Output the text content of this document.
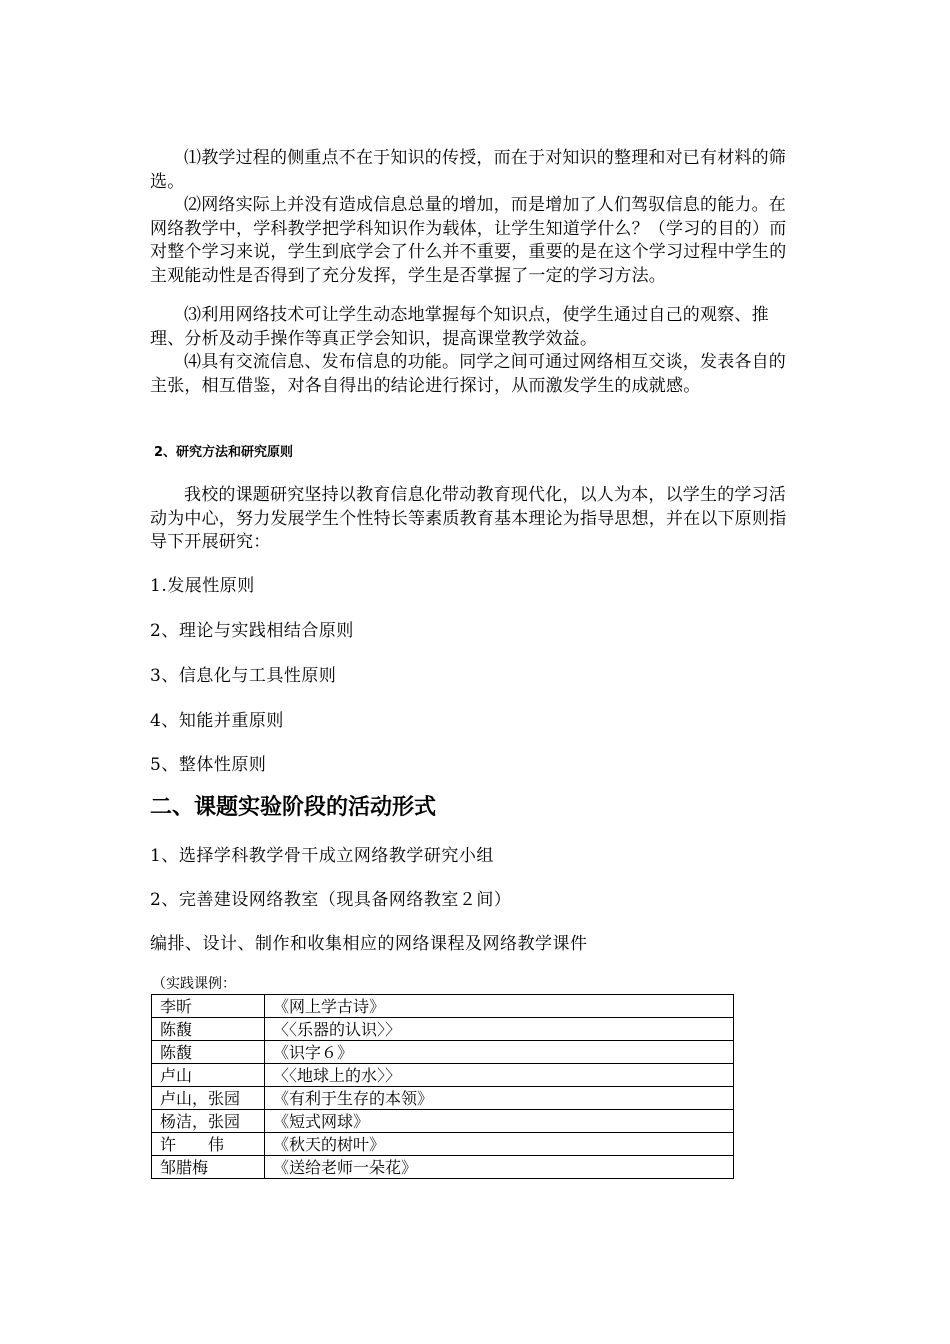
⑴教学过程的侧重点不在于知识的传授，而在于对知识的整理和对已有材料的筛选。

⑵网络实际上并没有造成信息总量的增加，而是增加了人们驾驭信息的能力。在网络教学中，学科教学把学科知识作为载体，让学生知道学什么？（学习的目的）而对整个学习来说，学生到底学会了什么并不重要，重要的是在这个学习过程中学生的主观能动性是否得到了充分发挥，学生是否掌握了一定的学习方法。

⑶利用网络技术可让学生动态地掌握每个知识点，使学生通过自己的观察、推理、分析及动手操作等真正学会知识，提高课堂教学效益。

⑷具有交流信息、发布信息的功能。同学之间可通过网络相互交谈，发表各自的主张，相互借鉴，对各自得出的结论进行探讨，从而激发学生的成就感。

2、研究方法和研究原则

我校的课题研究坚持以教育信息化带动教育现代化，以人为本，以学生的学习活动为中心，努力发展学生个性特长等素质教育基本理论为指导思想，并在以下原则指导下开展研究：

1.发展性原则

2、理论与实践相结合原则

3、信息化与工具性原则

4、知能并重原则

5、整体性原则

二、课题实验阶段的活动形式

1、选择学科教学骨干成立网络教学研究小组

2、完善建设网络教室（现具备网络教室２间）

编排、设计、制作和收集相应的网络课程及网络教学课件

（实践课例：

李昕	《网上学古诗》
陈馥	〈〈乐器的认识〉〉
陈馥	《识字６》
卢山	〈〈地球上的水〉〉
卢山，张园	《有利于生存的本领》
杨洁，张园	《短式网球》
许　　伟	《秋天的树叶》
邹腊梅	《送给老师一朵花》
